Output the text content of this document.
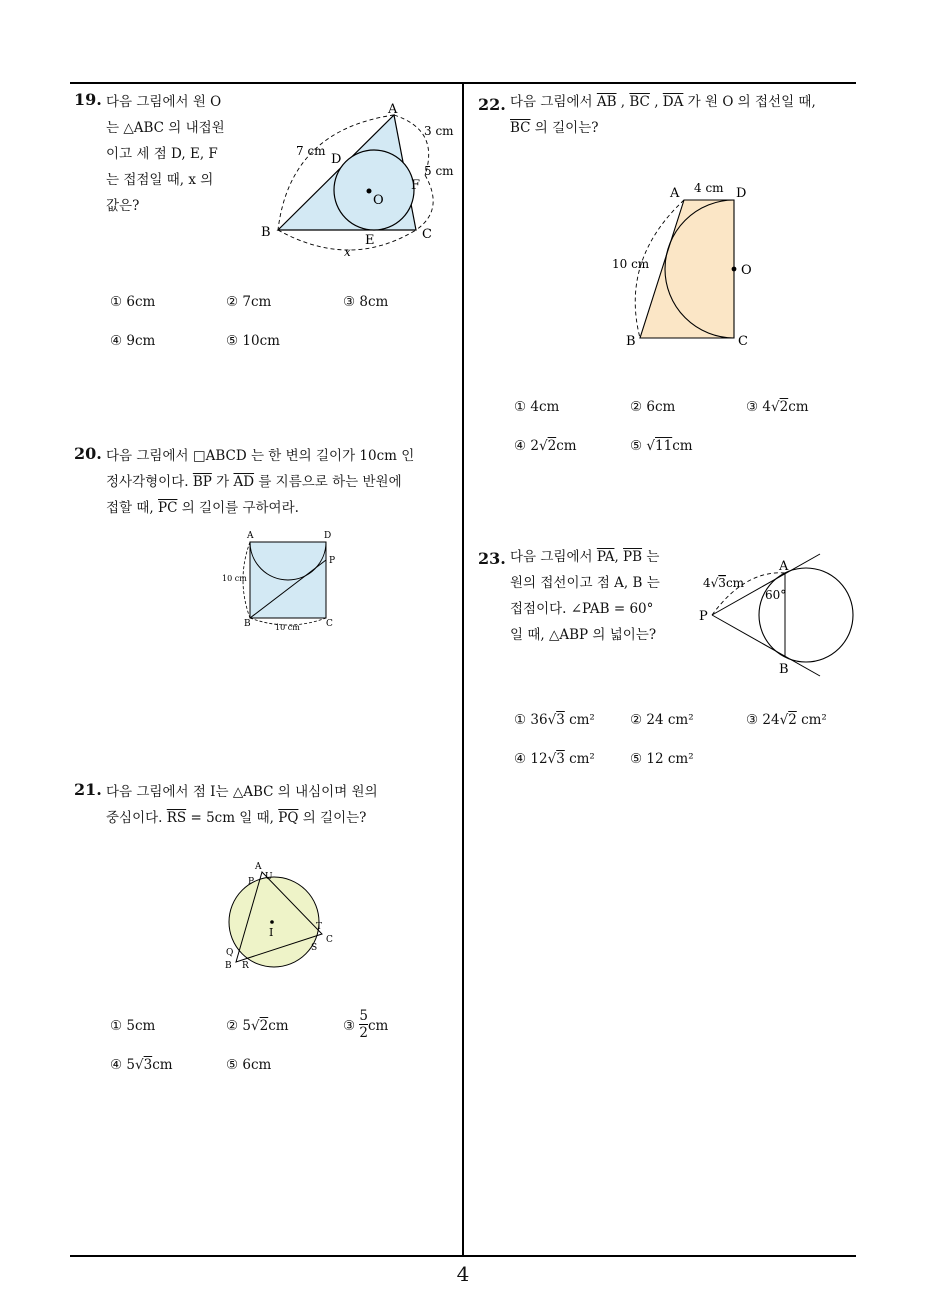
4
19. 다음 그림에서 원 O
는 △ABC 의 내접원
이고 세 점 D, E, F
는 접점일 때, x 의
값은?
A
B	C
D
E
F
O
x
7 cm
3 cm
5 cm
① 6cm	② 7cm	③ 8cm
④ 9cm	⑤ 10cm
20. 다음 그림에서 □ABCD 는 한 변의 길이가 10cm 인
정사각형이다. $\overline{BP}$ 가 $\overline{AD}$ 를 지름으로 하는 반원에
접할 때, $\overline{PC}$ 의 길이를 구하여라.
A	D
B	C
P
10 cm
10 cm
21. 다음 그림에서 점 I는 △ABC 의 내심이며 원의
중심이다. $\overline{RS} = 5cm$ 일 때, $\overline{PQ}$ 의 길이는?
A
U
P
T
C
S
Q
B R
I
① 5cm	② 5√2cm	③ $\frac{5}{2}$ cm
④ 5√3cm	⑤ 6cm
22. 다음 그림에서 $\overline{AB}$ , $\overline{BC}$ , $\overline{DA}$ 가 원 O 의 접선일 때,
$\overline{BC}$ 의 길이는?
A	D
B	C
O
4 cm
10 cm
① 4cm	② 6cm	③ 4√2cm
④ 2√2cm	⑤ √11cm
23. 다음 그림에서 $\overline{PA}$, $\overline{PB}$ 는
원의 접선이고 점 A, B 는
접점이다. ∠PAB = 60°
일 때, △ABP 의 넓이는?
A
B
P
60°
4√3cm
① 36√3 cm²	② 24 cm²	③ 24√2 cm²
④ 12√3 cm²	⑤ 12 cm²
